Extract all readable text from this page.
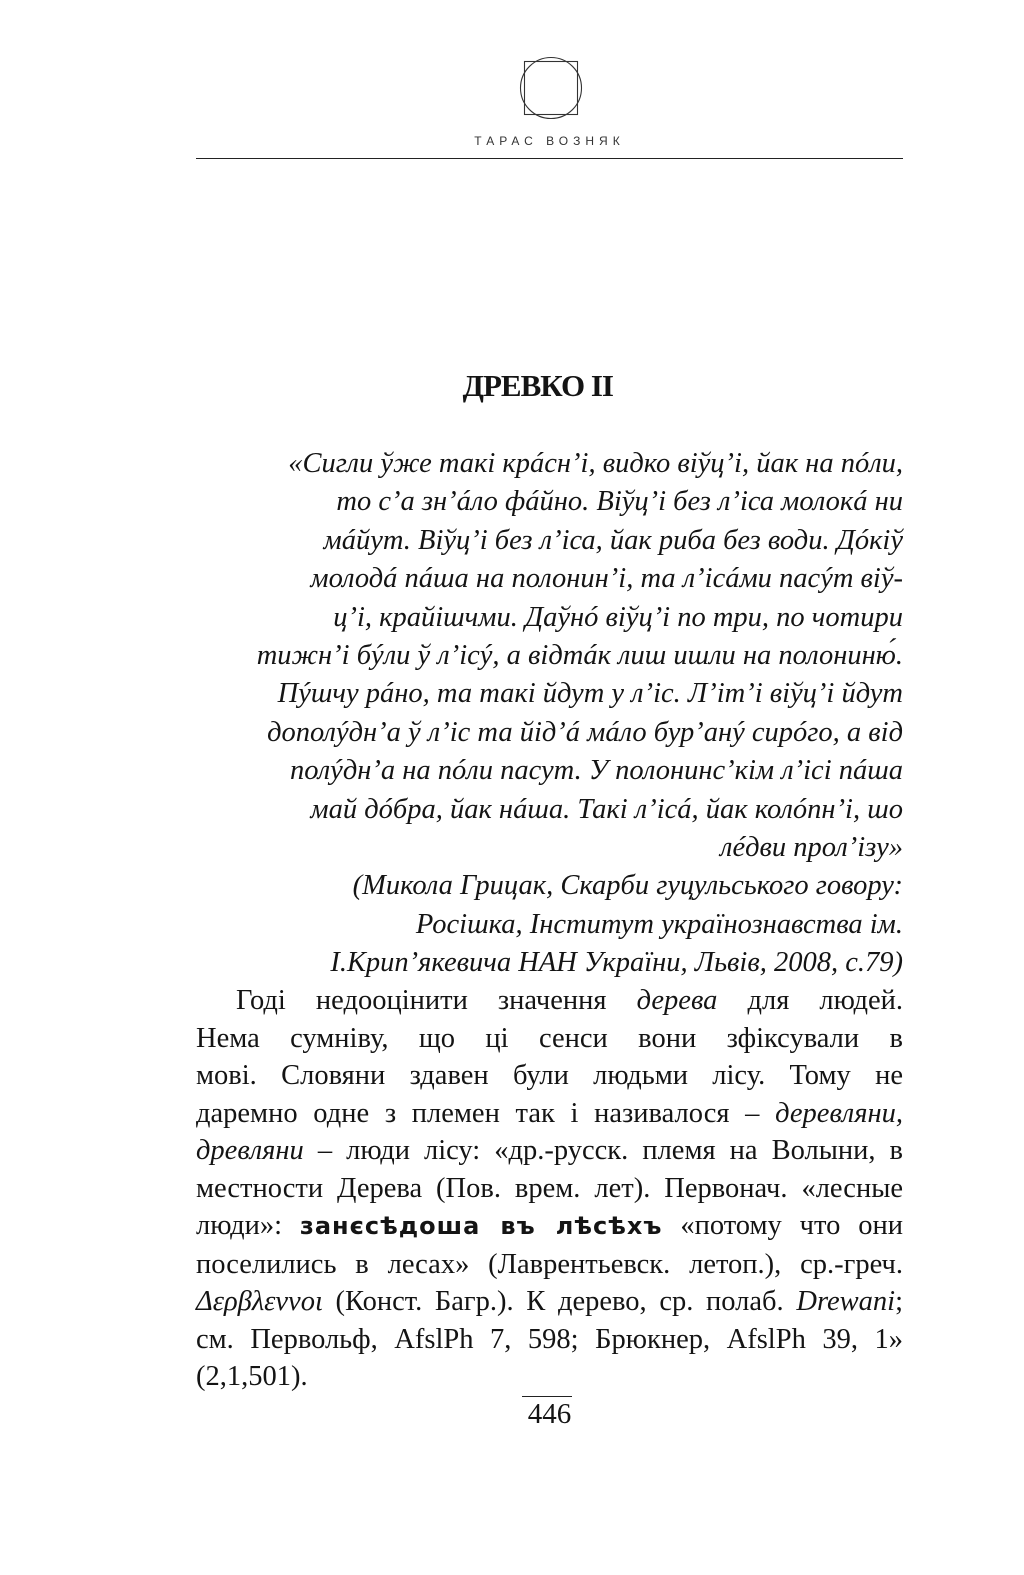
ТАРАС ВОЗНЯК
ДРЕВКО ІІ
«Сигли ўже такі крáсн’і, видко віўц’і, йак на пóли,
то с’а зн’áло фáйно. Віўц’і без л’іса молокá ни
мáйут. Віўц’і без л’іса, йак риба без води. Дóкіў
молодá пáша на полонин’і, та л’ісáми пасýт віў-
ц’і, крайішчми. Даўнó віўц’і по три, по чотири
тижн’і бýли ў л’ісý, а відтáк лиш ишли на полониню́.
Пýшчу рáно, та такі йдут у л’іс. Л’іт’і віўц’і йдут
дополýдн’а ў л’іс та йід’á мáло бур’анý сирóго, а від
полýдн’а на пóли пасут. У полонинс’кім л’ісі пáша
май дóбра, йак нáша. Такі л’ісá, йак колóпн’і, шо
лéдви прол’ізу»
(Микола Грицак, Скарби гуцульського говору:
Росішка, Інститут українознавства ім.
І.Крип’якевича НАН України, Львів, 2008, с.79)
Годі недооцінити значення дерева для людей.
Нема сумніву, що ці сенси вони зфіксували в
мові. Словяни здавен були людьми лісу. Тому не
даремно одне з племен так і називалося – деревляни,
древляни – люди лісу: «др.-русск. племя на Волыни, в
местности Дерева (Пов. врем. лет). Первонач. «лесные
люди»: занєсѣдоша въ лѣсѣхъ «потому что они
поселились в лесах» (Лаврентьевск. летоп.), ср.-греч.
Δερβλεννοι (Конст. Багр.). К дерево, ср. полаб. Drewani;
см. Первольф, AfslPh 7, 598; Брюкнер, AfslPh 39, 1»
(2,1,501).
446
